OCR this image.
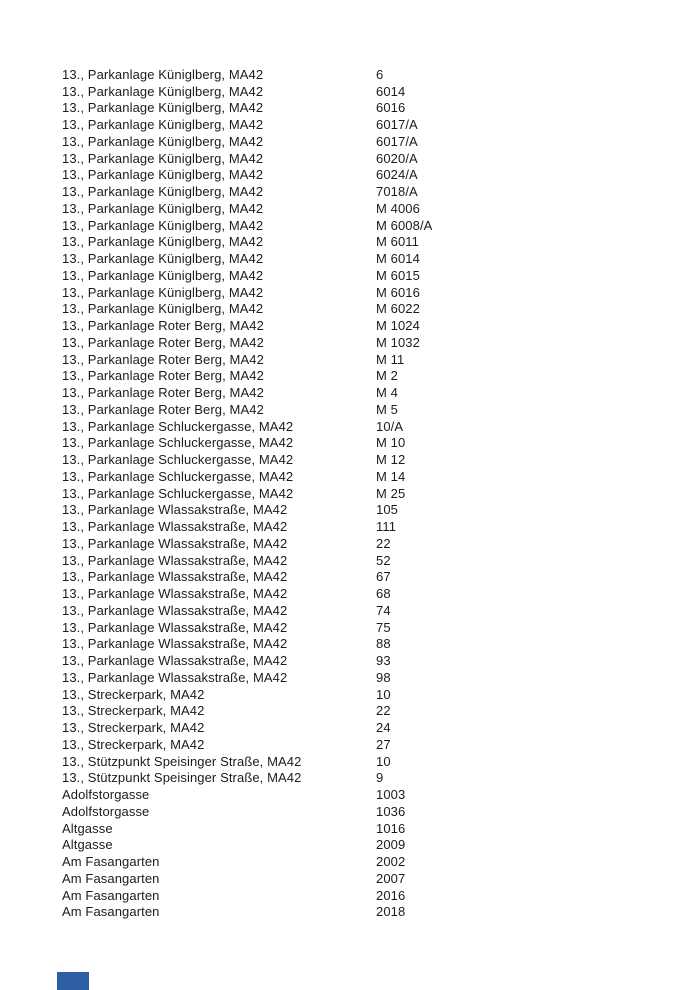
13., Parkanlage Küniglberg, MA42	6
13., Parkanlage Küniglberg, MA42	6014
13., Parkanlage Küniglberg, MA42	6016
13., Parkanlage Küniglberg, MA42	6017/A
13., Parkanlage Küniglberg, MA42	6017/A
13., Parkanlage Küniglberg, MA42	6020/A
13., Parkanlage Küniglberg, MA42	6024/A
13., Parkanlage Küniglberg, MA42	7018/A
13., Parkanlage Küniglberg, MA42	M 4006
13., Parkanlage Küniglberg, MA42	M 6008/A
13., Parkanlage Küniglberg, MA42	M 6011
13., Parkanlage Küniglberg, MA42	M 6014
13., Parkanlage Küniglberg, MA42	M 6015
13., Parkanlage Küniglberg, MA42	M 6016
13., Parkanlage Küniglberg, MA42	M 6022
13., Parkanlage Roter Berg, MA42	M 1024
13., Parkanlage Roter Berg, MA42	M 1032
13., Parkanlage Roter Berg, MA42	M 11
13., Parkanlage Roter Berg, MA42	M 2
13., Parkanlage Roter Berg, MA42	M 4
13., Parkanlage Roter Berg, MA42	M 5
13., Parkanlage Schluckergasse, MA42	10/A
13., Parkanlage Schluckergasse, MA42	M 10
13., Parkanlage Schluckergasse, MA42	M 12
13., Parkanlage Schluckergasse, MA42	M 14
13., Parkanlage Schluckergasse, MA42	M 25
13., Parkanlage Wlassakstraße, MA42	105
13., Parkanlage Wlassakstraße, MA42	111
13., Parkanlage Wlassakstraße, MA42	22
13., Parkanlage Wlassakstraße, MA42	52
13., Parkanlage Wlassakstraße, MA42	67
13., Parkanlage Wlassakstraße, MA42	68
13., Parkanlage Wlassakstraße, MA42	74
13., Parkanlage Wlassakstraße, MA42	75
13., Parkanlage Wlassakstraße, MA42	88
13., Parkanlage Wlassakstraße, MA42	93
13., Parkanlage Wlassakstraße, MA42	98
13., Streckerpark, MA42	10
13., Streckerpark, MA42	22
13., Streckerpark, MA42	24
13., Streckerpark, MA42	27
13., Stützpunkt Speisinger Straße, MA42	10
13., Stützpunkt Speisinger Straße, MA42	9
Adolfstorgasse	1003
Adolfstorgasse	1036
Altgasse	1016
Altgasse	2009
Am Fasangarten	2002
Am Fasangarten	2007
Am Fasangarten	2016
Am Fasangarten	2018
